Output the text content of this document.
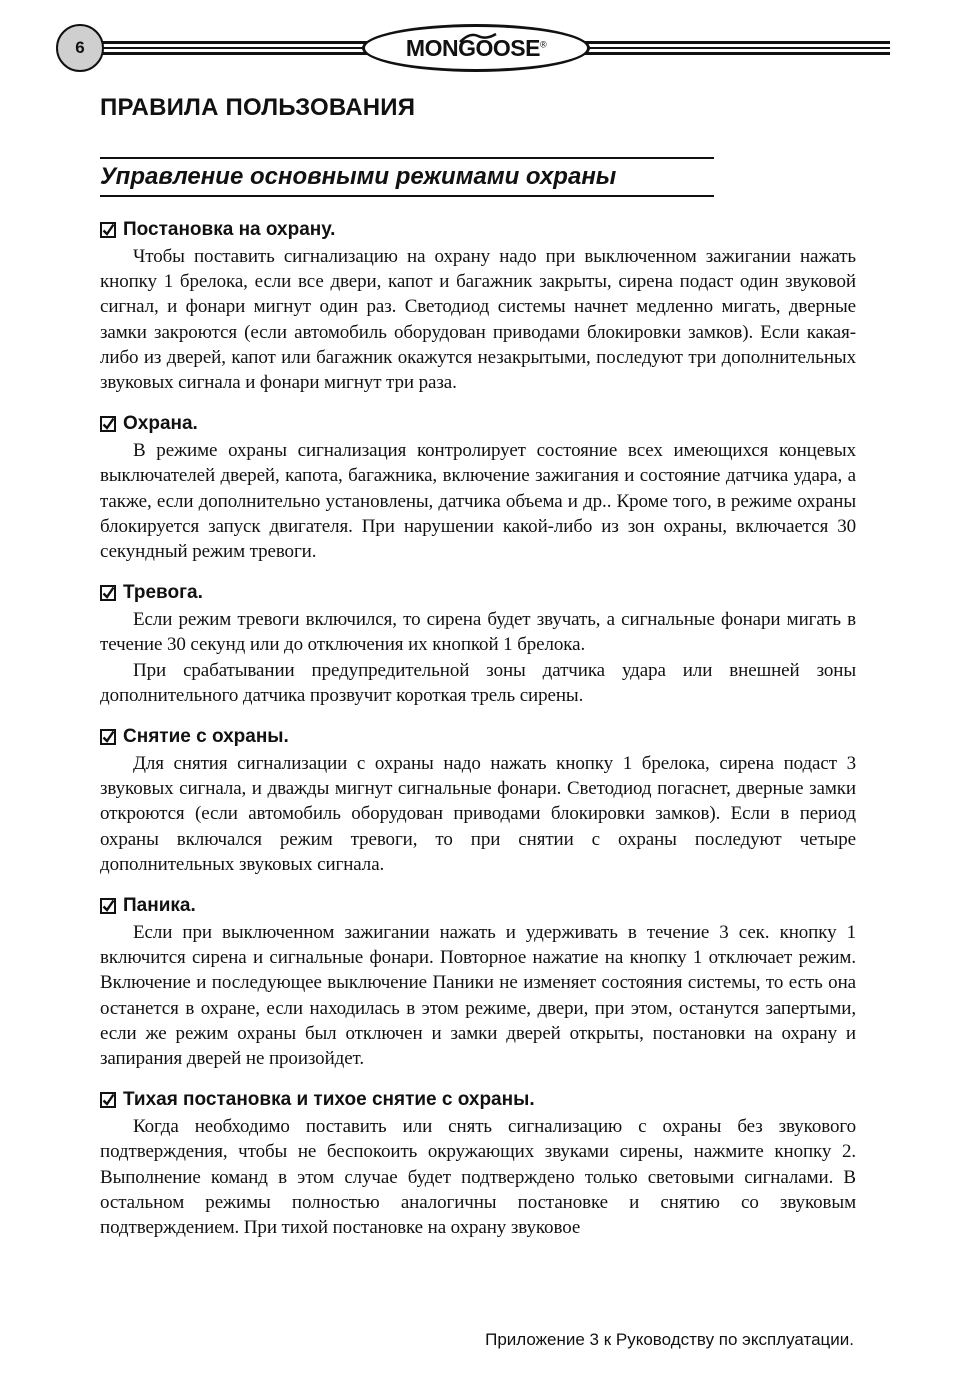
6	MONGOOSE®
ПРАВИЛА ПОЛЬЗОВАНИЯ
Управление основными режимами охраны
Постановка на охрану.

Чтобы поставить сигнализацию на охрану надо при выключенном зажигании нажать кнопку 1 брелока, если все двери, капот и багажник закрыты, сирена подаст один звуковой сигнал, и фонари мигнут один раз. Светодиод системы начнет медленно мигать, дверные замки закроются (если автомобиль оборудован приводами блокировки замков). Если какая-либо из дверей, капот или багажник окажутся незакрытыми, последуют три дополнительных звуковых сигнала и фонари мигнут три раза.

Охрана.

В режиме охраны сигнализация контролирует состояние всех имеющихся концевых выключателей дверей, капота, багажника, включение зажигания и состояние датчика удара, а также, если дополнительно установлены, датчика объема и др.. Кроме того, в режиме охраны блокируется запуск двигателя. При нарушении какой-либо из зон охраны, включается 30 секундный режим тревоги.

Тревога.

Если режим тревоги включился, то сирена будет звучать, а сигнальные фонари мигать в течение 30 секунд или до отключения их кнопкой 1 брелока.

При срабатывании предупредительной зоны датчика удара или внешней зоны дополнительного датчика прозвучит короткая трель сирены.

Снятие с охраны.

Для снятия сигнализации с охраны надо нажать кнопку 1 брелока, сирена подаст 3 звуковых сигнала, и дважды мигнут сигнальные фонари. Светодиод погаснет, дверные замки откроются (если автомобиль оборудован приводами блокировки замков). Если в период охраны включался режим тревоги, то при снятии с охраны последуют четыре дополнительных звуковых сигнала.

Паника.

Если при выключенном зажигании нажать и удерживать в течение 3 сек. кнопку 1 включится сирена и сигнальные фонари. Повторное нажатие на кнопку 1 отключает режим. Включение и последующее выключение Паники не изменяет состояния системы, то есть она останется в охране, если находилась в этом режиме, двери, при этом, останутся запертыми, если же режим охраны был отключен и замки дверей открыты, постановки на охрану и запирания дверей не произойдет.

Тихая постановка и тихое снятие с охраны.

Когда необходимо поставить или снять сигнализацию с охраны без звукового подтверждения, чтобы не беспокоить окружающих звуками сирены, нажмите кнопку 2. Выполнение команд в этом случае будет подтверждено только световыми сигналами. В остальном режимы полностью аналогичны постановке и снятию со звуковым подтверждением. При тихой постановке на охрану звуковое

Приложение 3 к Руководству по эксплуатации.
